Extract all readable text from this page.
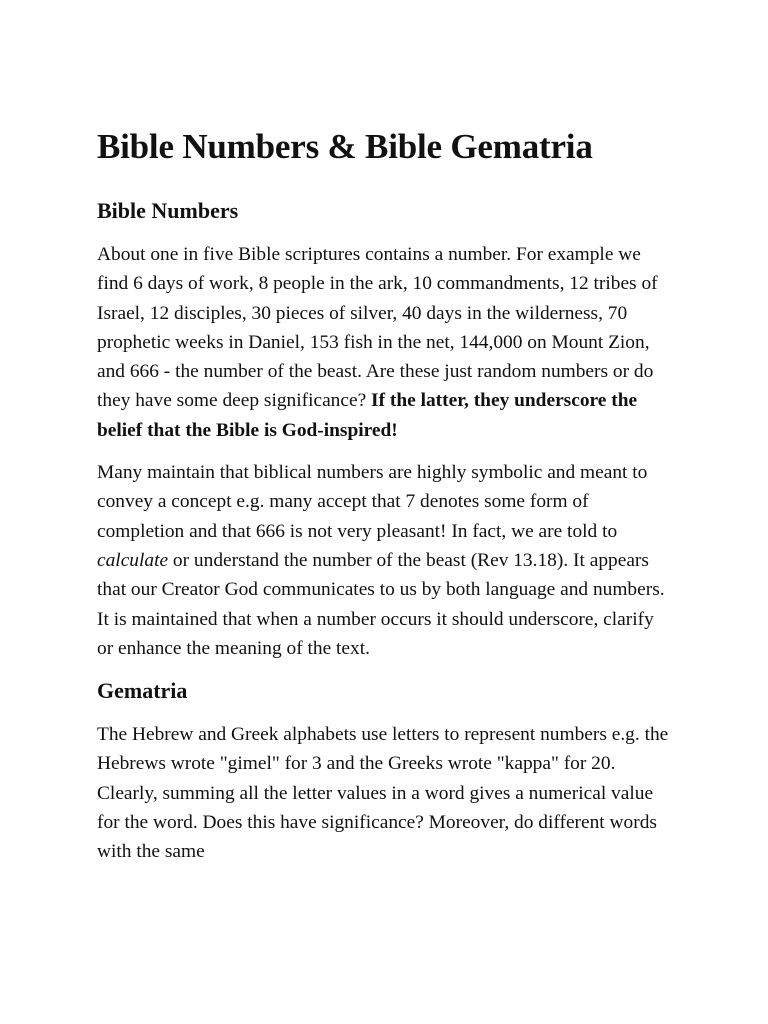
Bible Numbers & Bible Gematria
Bible Numbers

About one in five Bible scriptures contains a number. For example we find 6 days of work, 8 people in the ark, 10 commandments, 12 tribes of Israel, 12 disciples, 30 pieces of silver, 40 days in the wilderness, 70 prophetic weeks in Daniel, 153 fish in the net, 144,000 on Mount Zion, and 666 - the number of the beast. Are these just random numbers or do they have some deep significance? If the latter, they underscore the belief that the Bible is God-inspired!

Many maintain that biblical numbers are highly symbolic and meant to convey a concept e.g. many accept that 7 denotes some form of completion and that 666 is not very pleasant! In fact, we are told to calculate or understand the number of the beast (Rev 13.18). It appears that our Creator God communicates to us by both language and numbers. It is maintained that when a number occurs it should underscore, clarify or enhance the meaning of the text.

Gematria

The Hebrew and Greek alphabets use letters to represent numbers e.g. the Hebrews wrote "gimel" for 3 and the Greeks wrote "kappa" for 20. Clearly, summing all the letter values in a word gives a numerical value for the word. Does this have significance? Moreover, do different words with the same
